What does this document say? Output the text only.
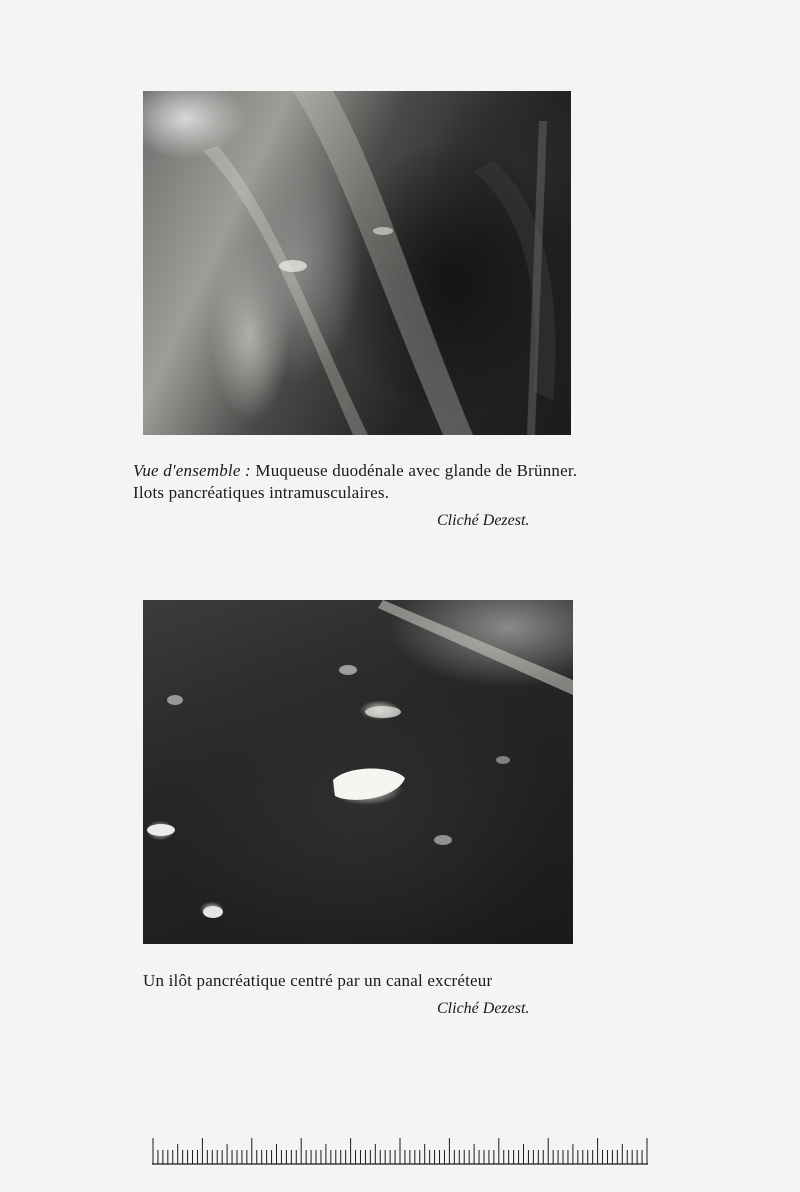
Vue d'ensemble : Muqueuse duodénale avec glande de Brünner. Ilots pancréatiques intramusculaires.
Cliché Dezest.
Un ilôt pancréatique centré par un canal excréteur
Cliché Dezest.
